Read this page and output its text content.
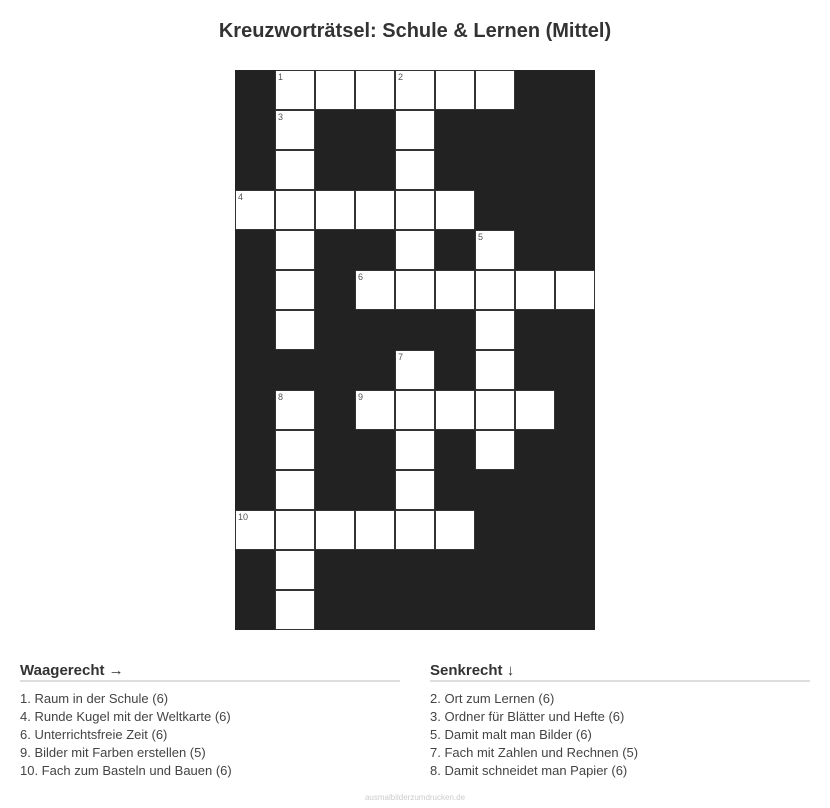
Kreuzworträtsel: Schule & Lernen (Mittel)
1	2
3
4
5
6
7
8	9
10
Waagerecht →
1. Raum in der Schule (6)
4. Runde Kugel mit der Weltkarte (6)
6. Unterrichtsfreie Zeit (6)
9. Bilder mit Farben erstellen (5)
10. Fach zum Basteln und Bauen (6)
Senkrecht ↓
2. Ort zum Lernen (6)
3. Ordner für Blätter und Hefte (6)
5. Damit malt man Bilder (6)
7. Fach mit Zahlen und Rechnen (5)
8. Damit schneidet man Papier (6)
ausmalbilderzumdrucken.de
